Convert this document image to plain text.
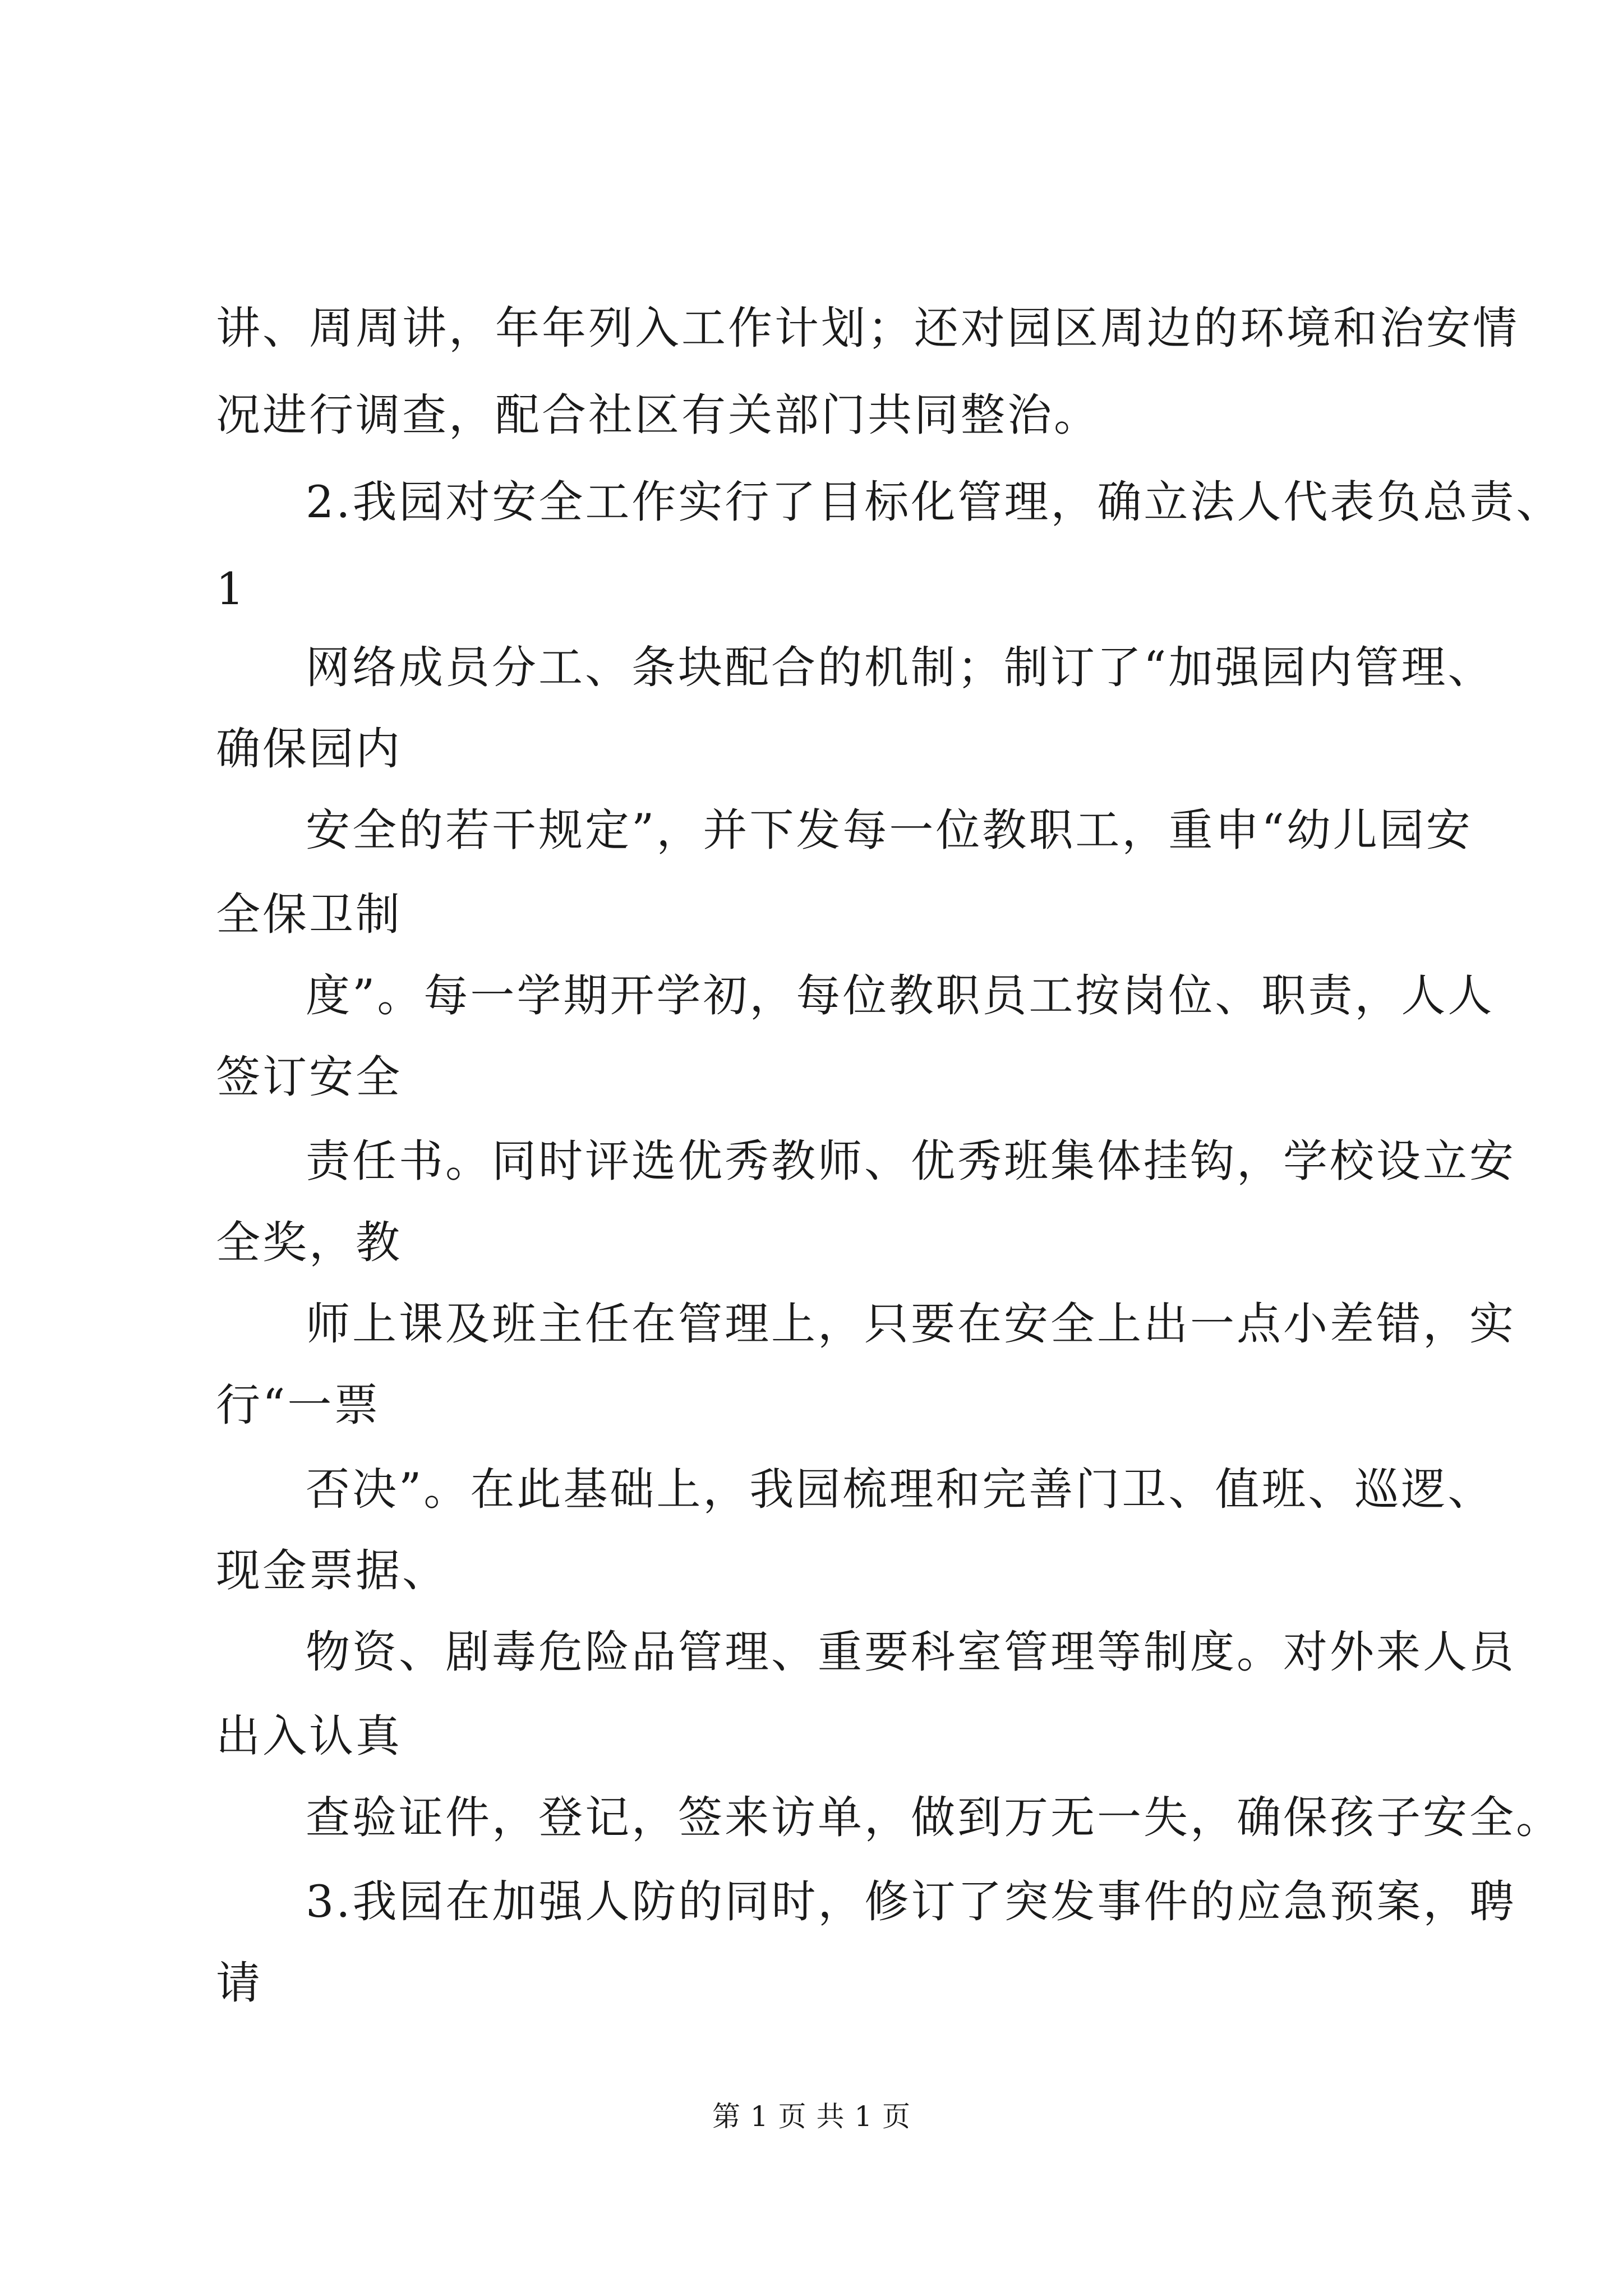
讲、周周讲，年年列入工作计划；还对园区周边的环境和治安情
况进行调查，配合社区有关部门共同整治。
2.我园对安全工作实行了目标化管理，确立法人代表负总责、
1
网络成员分工、条块配合的机制；制订了“加强园内管理、
确保园内
安全的若干规定”，并下发每一位教职工，重申“幼儿园安
全保卫制
度”。每一学期开学初，每位教职员工按岗位、职责，人人
签订安全
责任书。同时评选优秀教师、优秀班集体挂钩，学校设立安
全奖，教
师上课及班主任在管理上，只要在安全上出一点小差错，实
行“一票
否决”。在此基础上，我园梳理和完善门卫、值班、巡逻、
现金票据、
物资、剧毒危险品管理、重要科室管理等制度。对外来人员
出入认真
查验证件，登记，签来访单，做到万无一失，确保孩子安全。
3.我园在加强人防的同时，修订了突发事件的应急预案，聘
请
第 1 页 共 1 页
